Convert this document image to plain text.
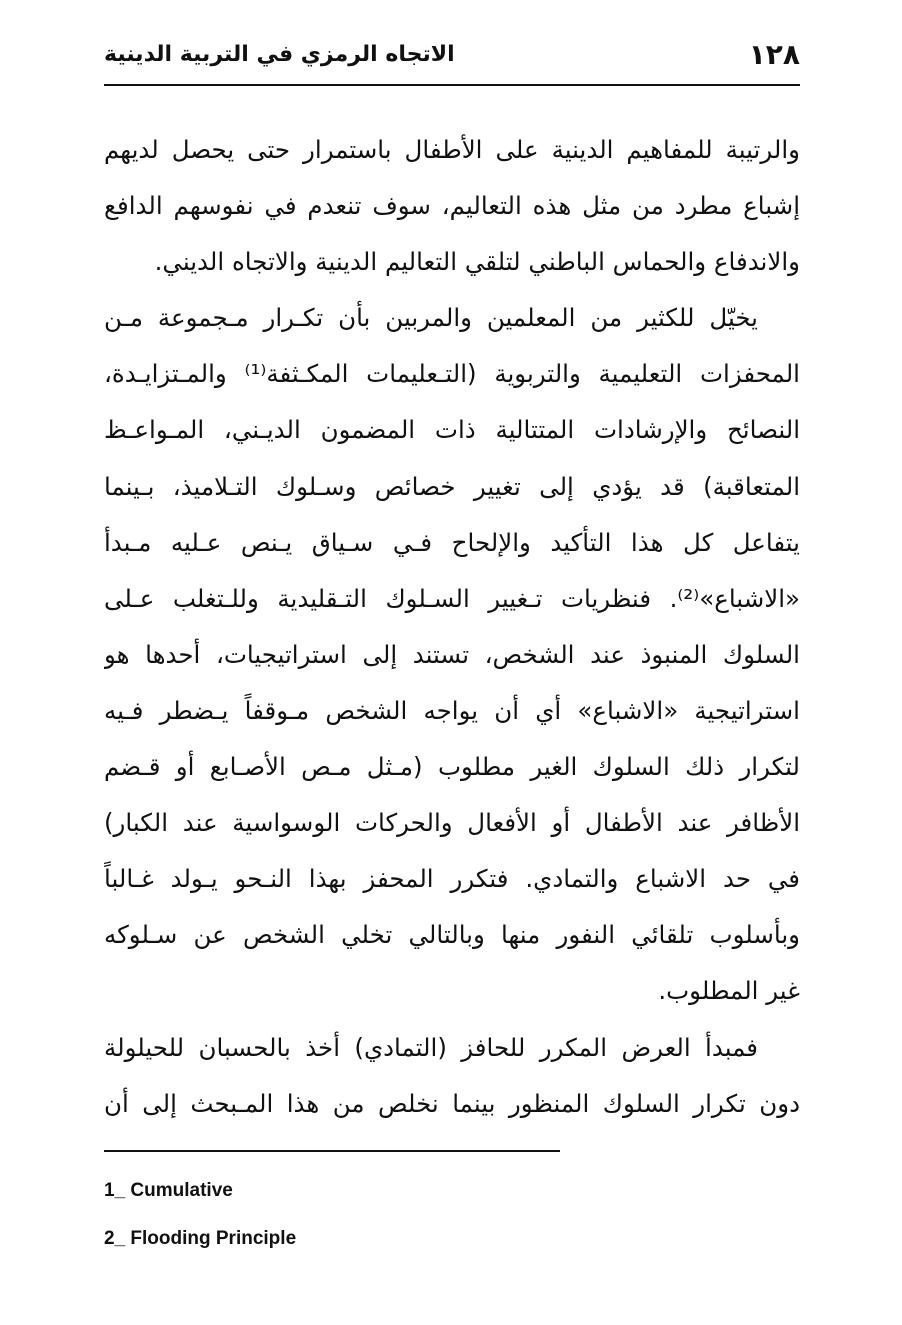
الاتجاه الرمزي في التربية الدينية	١٢٨
والرتيبة للمفاهيم الدينية على الأطفال باستمرار حتى يحصل لديهم
إشباع مطرد من مثل هذه التعاليم، سوف تنعدم في نفوسهم الدافع
والاندفاع والحماس الباطني لتلقي التعاليم الدينية والاتجاه الديني.
يخيّل للكثير من المعلمين والمربين بأن تكـرار مـجموعة مـن
المحفزات التعليمية والتربوية (التـعليمات المكـثفة⁽¹⁾ والمـتزايـدة،
النصائح والإرشادات المتتالية ذات المضمون الديـني، المـواعـظ
المتعاقبة) قد يؤدي إلى تغيير خصائص وسـلوك التـلاميذ، بـينما
يتفاعل كل هذا التأكيد والإلحاح فـي سـياق يـنص عـليه مـبدأ
«الاشباع»⁽²⁾. فنظريات تـغيير السـلوك التـقليدية وللـتغلب عـلى
السلوك المنبوذ عند الشخص، تستند إلى استراتيجيات، أحدها هو
استراتيجية «الاشباع» أي أن يواجه الشخص مـوقفاً يـضطر فـيه
لتكرار ذلك السلوك الغير مطلوب (مـثل مـص الأصـابع أو قـضم
الأظافر عند الأطفال أو الأفعال والحركات الوسواسية عند الكبار)
في حد الاشباع والتمادي. فتكرر المحفز بهذا النـحو يـولد غـالباً
وبأسلوب تلقائي النفور منها وبالتالي تخلي الشخص عن سـلوكه
غير المطلوب.
فمبدأ العرض المكرر للحافز (التمادي) أخذ بالحسبان للحيلولة
دون تكرار السلوك المنظور بينما نخلص من هذا المـبحث إلى أن
1_ Cumulative
2_ Flooding Principle
